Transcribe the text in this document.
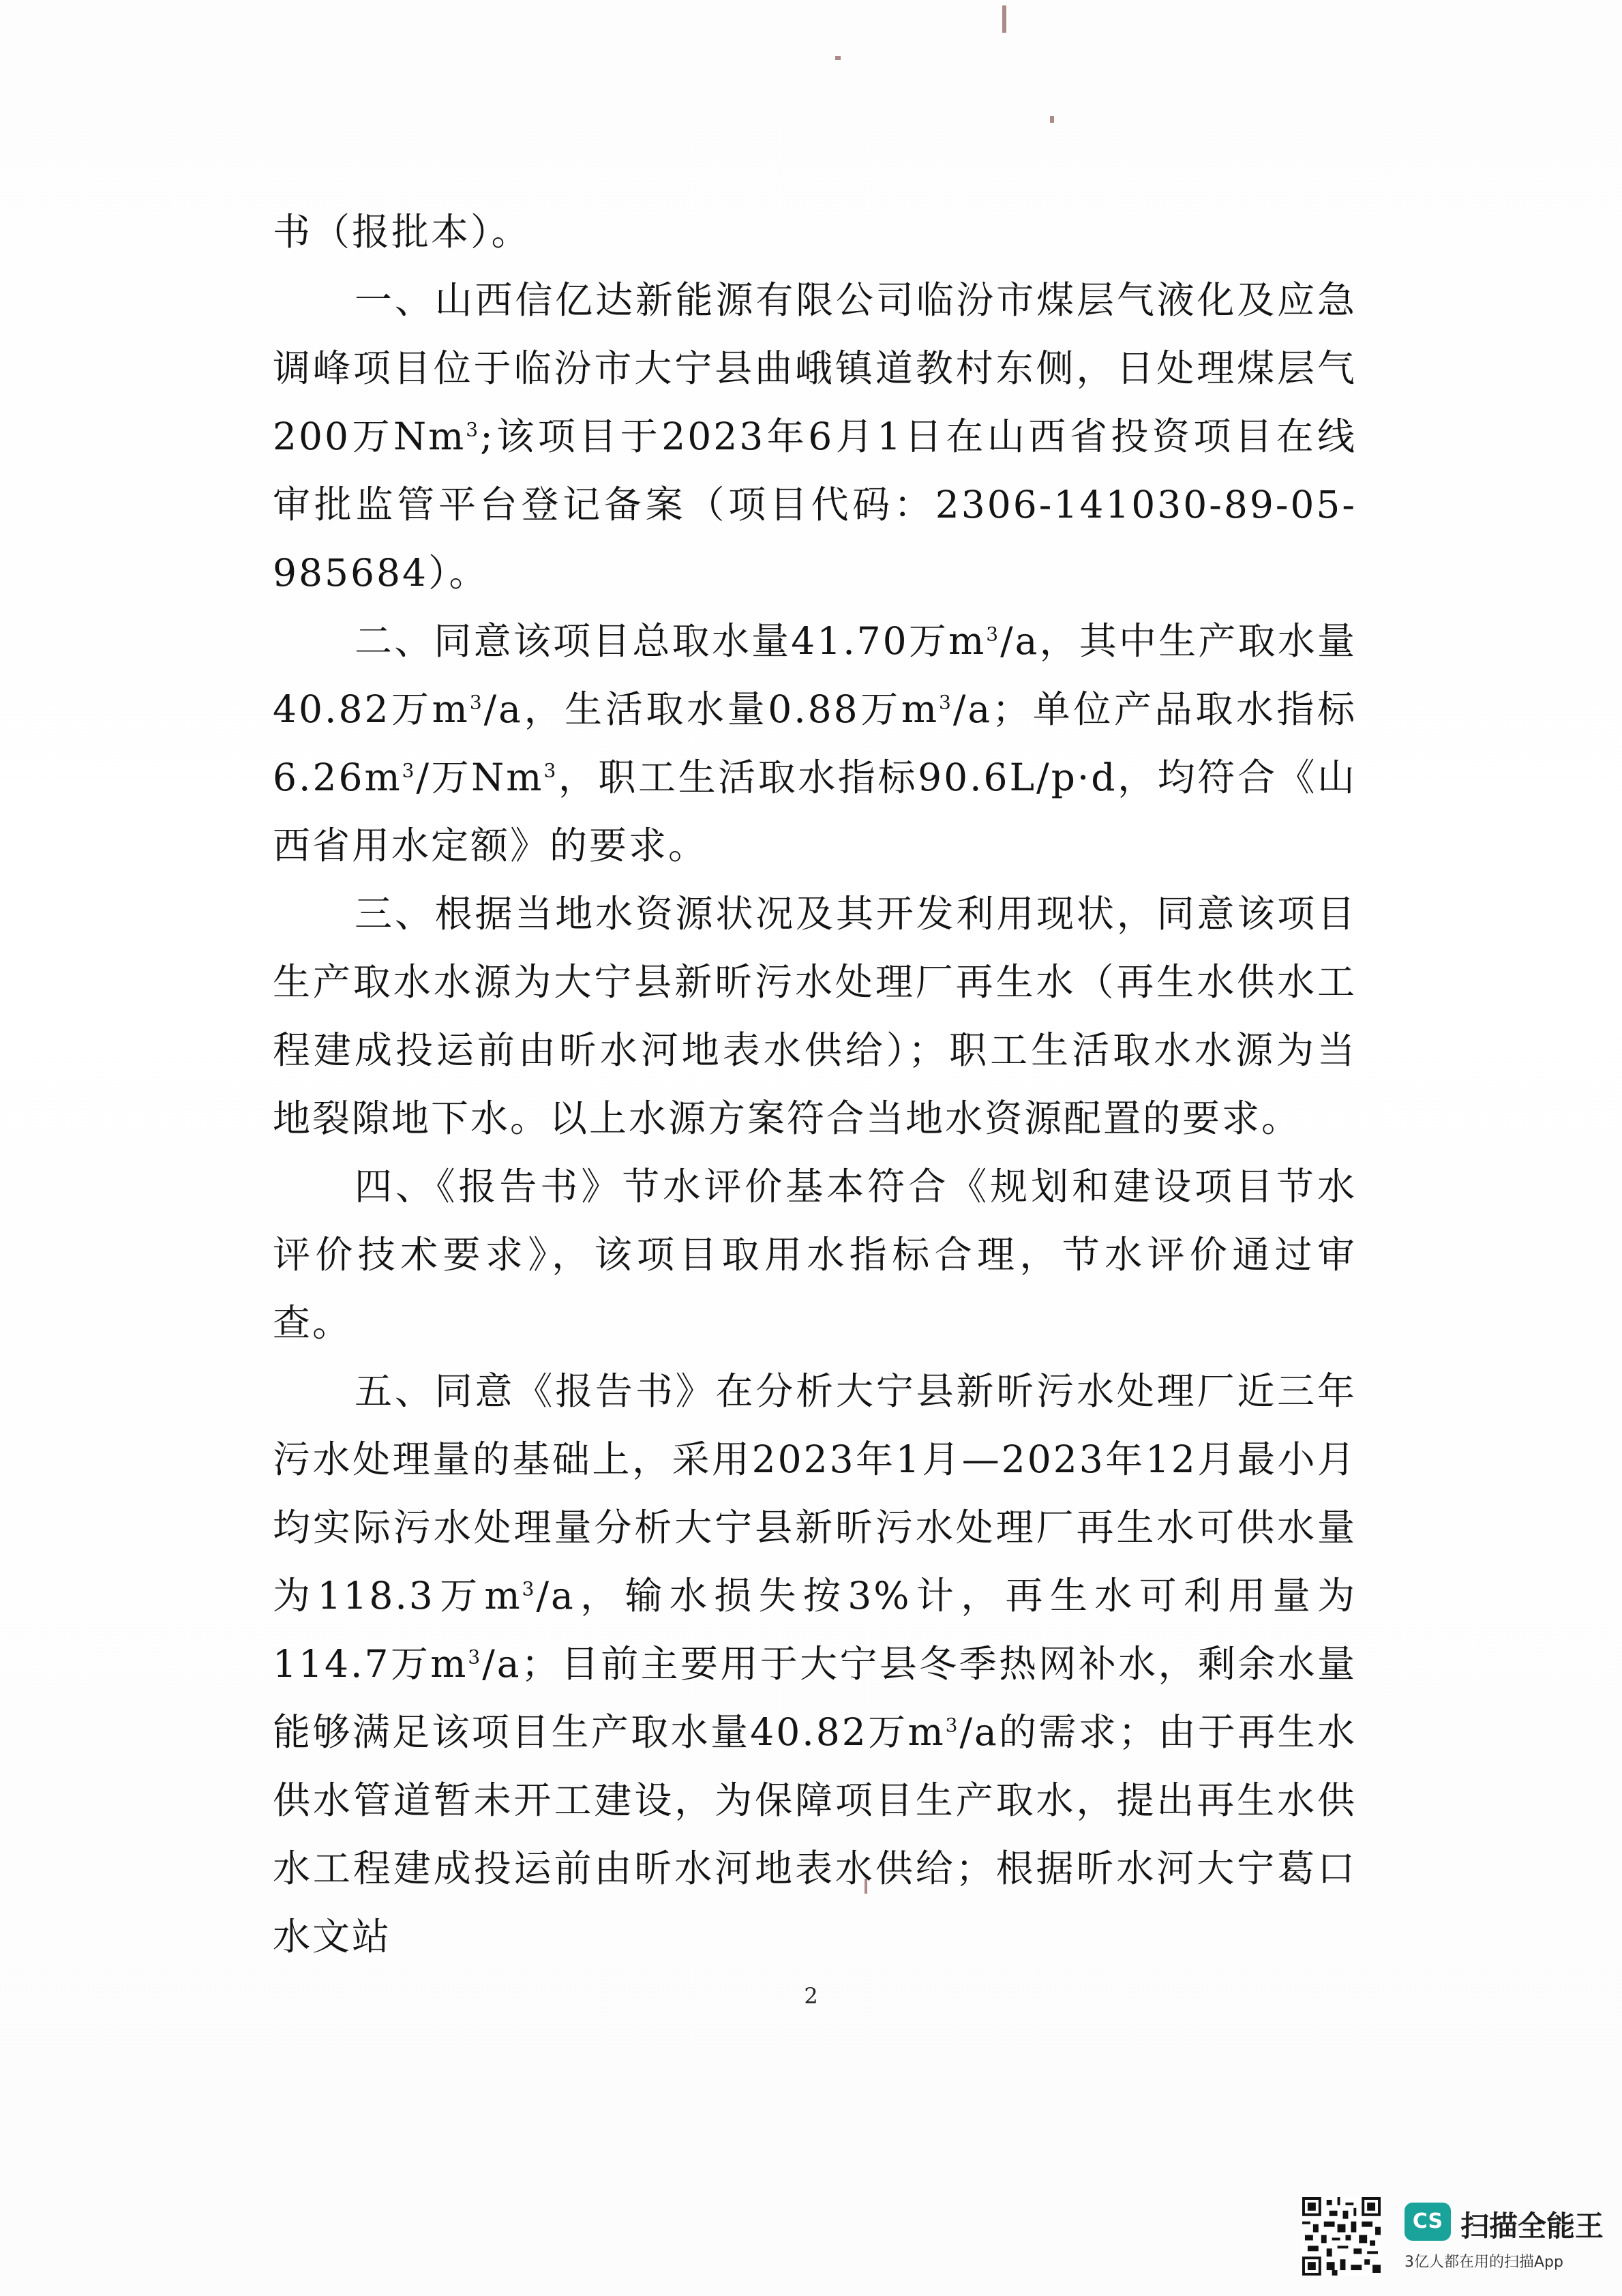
书（报批本）。

一、山西信亿达新能源有限公司临汾市煤层气液化及应急调峰项目位于临汾市大宁县曲峨镇道教村东侧，日处理煤层气200万Nm$^3$;该项目于2023年6月1日在山西省投资项目在线审批监管平台登记备案（项目代码：2306-141030-89-05-985684）。

二、同意该项目总取水量41.70万$m^3/a$，其中生产取水量40.82万$m^3/a$，生活取水量0.88万$m^3/a$；单位产品取水指标$6.26m^3/$万Nm$^3$，职工生活取水指标90.6L/p·d，均符合《山西省用水定额》的要求。

三、根据当地水资源状况及其开发利用现状，同意该项目生产取水水源为大宁县新昕污水处理厂再生水（再生水供水工程建成投运前由昕水河地表水供给）；职工生活取水水源为当地裂隙地下水。以上水源方案符合当地水资源配置的要求。

四、《报告书》节水评价基本符合《规划和建设项目节水评价技术要求》，该项目取用水指标合理，节水评价通过审查。

五、同意《报告书》在分析大宁县新昕污水处理厂近三年污水处理量的基础上，采用2023年1月—2023年12月最小月均实际污水处理量分析大宁县新昕污水处理厂再生水可供水量为118.3万$m^3/a$，输水损失按3%计，再生水可利用量为114.7万$m^3/a$；目前主要用于大宁县冬季热网补水，剩余水量能够满足该项目生产取水量40.82万$m^3/a$的需求；由于再生水供水管道暂未开工建设，为保障项目生产取水，提出再生水供水工程建成投运前由昕水河地表水供给；根据昕水河大宁葛口水文站

2
CS 扫描全能王
3亿人都在用的扫描App
